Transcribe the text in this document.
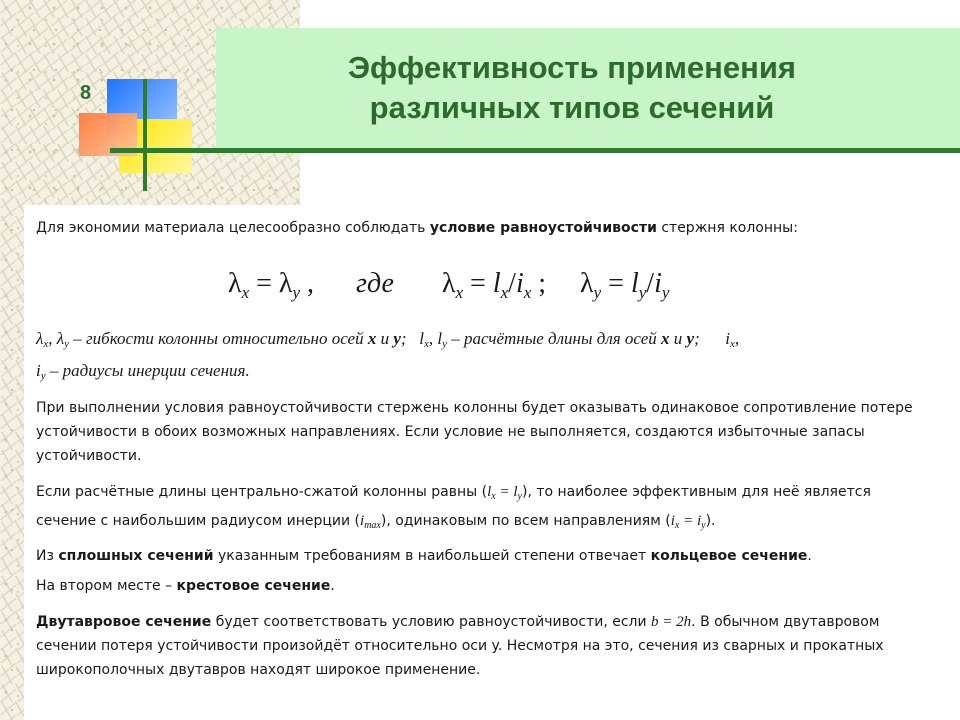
8
Эффективность применения
различных типов сечений
Для экономии материала целесообразно соблюдать условие равноустойчивости стержня колонны:
$\lambda_x = \lambda_y$ , где $\lambda_x = l_x/i_x$ ; $\lambda_y = l_y/i_y$
$\lambda_x$, $\lambda_y$ – гибкости колонны относительно осей x и y; $l_x$, $l_y$ – расчётные длины для осей x и y; $i_x$,
$i_y$ – радиусы инерции сечения.
При выполнении условия равноустойчивости стержень колонны будет оказывать одинаковое сопротивление потере устойчивости в обоих возможных направлениях. Если условие не выполняется, создаются избыточные запасы устойчивости.
Если расчётные длины центрально-сжатой колонны равны $(l_x = l_y)$, то наиболее эффективным для неё является сечение с наибольшим радиусом инерции $(i_{max})$, одинаковым по всем направлениям $(i_x = i_y)$.
Из сплошных сечений указанным требованиям в наибольшей степени отвечает кольцевое сечение.
На втором месте – крестовое сечение.
Двутавровое сечение будет соответствовать условию равноустойчивости, если b = 2h. В обычном двутавровом сечении потеря устойчивости произойдёт относительно оси y. Несмотря на это, сечения из сварных и прокатных широкополочных двутавров находят широкое применение.
